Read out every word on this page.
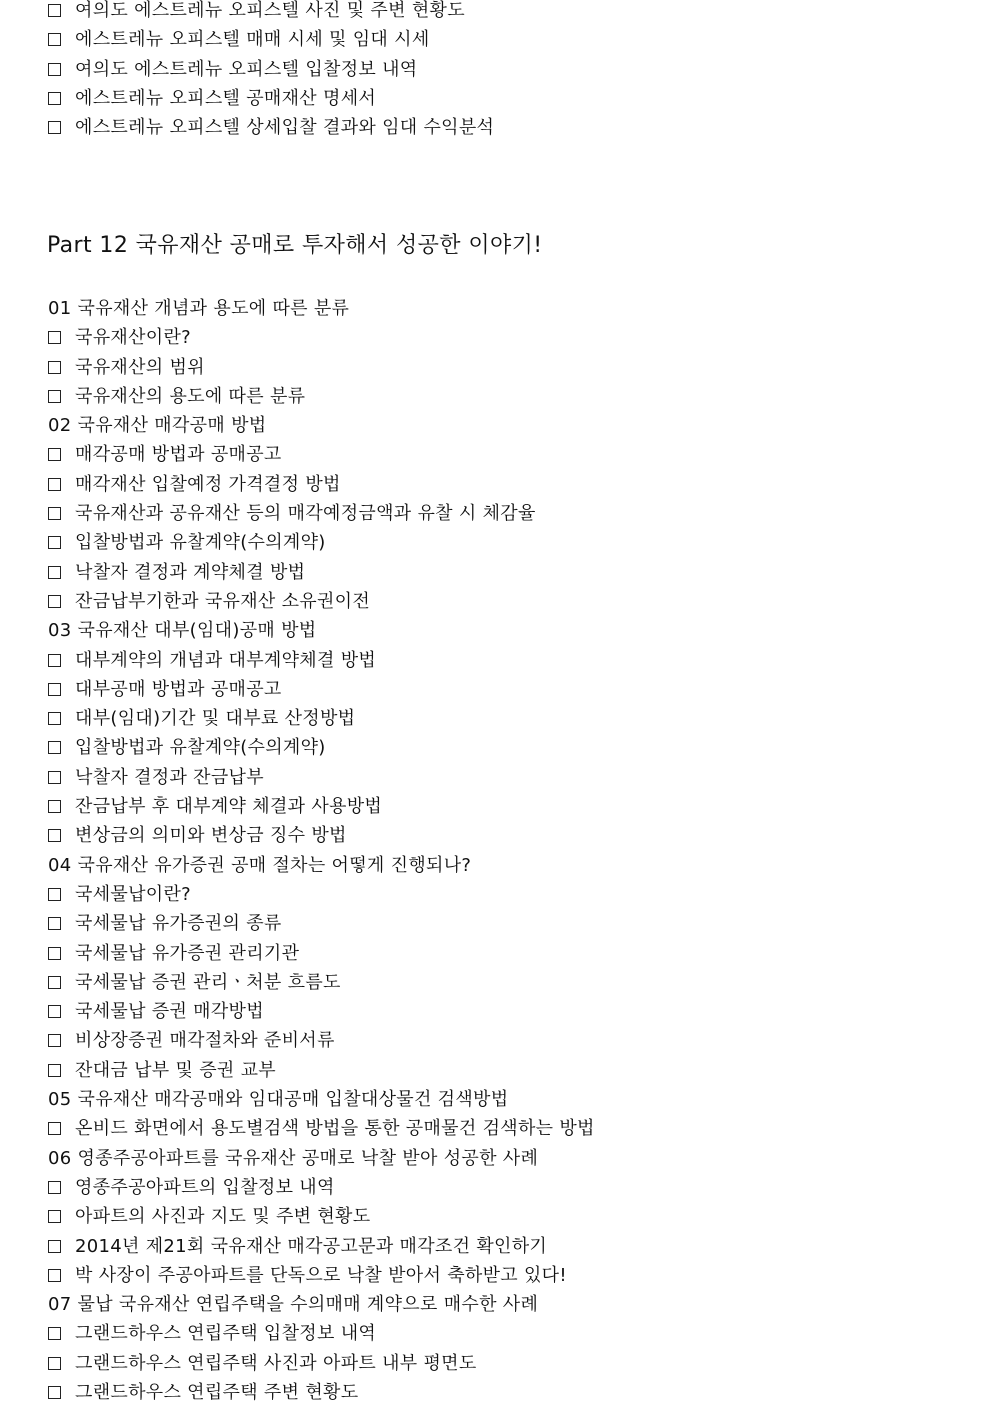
여의도 에스트레뉴 오피스텔 사진 및 주변 현황도
에스트레뉴 오피스텔 매매 시세 및 임대 시세
여의도 에스트레뉴 오피스텔 입찰정보 내역
에스트레뉴 오피스텔 공매재산 명세서
에스트레뉴 오피스텔 상세입찰 결과와 임대 수익분석
Part 12 국유재산 공매로 투자해서 성공한 이야기!
01 국유재산 개념과 용도에 따른 분류
국유재산이란?
국유재산의 범위
국유재산의 용도에 따른 분류
02 국유재산 매각공매 방법
매각공매 방법과 공매공고
매각재산 입찰예정 가격결정 방법
국유재산과 공유재산 등의 매각예정금액과 유찰 시 체감율
입찰방법과 유찰계약(수의계약)
낙찰자 결정과 계약체결 방법
잔금납부기한과 국유재산 소유권이전
03 국유재산 대부(임대)공매 방법
대부계약의 개념과 대부계약체결 방법
대부공매 방법과 공매공고
대부(임대)기간 및 대부료 산정방법
입찰방법과 유찰계약(수의계약)
낙찰자 결정과 잔금납부
잔금납부 후 대부계약 체결과 사용방법
변상금의 의미와 변상금 징수 방법
04 국유재산 유가증권 공매 절차는 어떻게 진행되나?
국세물납이란?
국세물납 유가증권의 종류
국세물납 유가증권 관리기관
국세물납 증권 관리ㆍ처분 흐름도
국세물납 증권 매각방법
비상장증권 매각절차와 준비서류
잔대금 납부 및 증권 교부
05 국유재산 매각공매와 임대공매 입찰대상물건 검색방법
온비드 화면에서 용도별검색 방법을 통한 공매물건 검색하는 방법
06 영종주공아파트를 국유재산 공매로 낙찰 받아 성공한 사례
영종주공아파트의 입찰정보 내역
아파트의 사진과 지도 및 주변 현황도
2014년 제21회 국유재산 매각공고문과 매각조건 확인하기
박 사장이 주공아파트를 단독으로 낙찰 받아서 축하받고 있다!
07 물납 국유재산 연립주택을 수의매매 계약으로 매수한 사례
그랜드하우스 연립주택 입찰정보 내역
그랜드하우스 연립주택 사진과 아파트 내부 평면도
그랜드하우스 연립주택 주변 현황도
